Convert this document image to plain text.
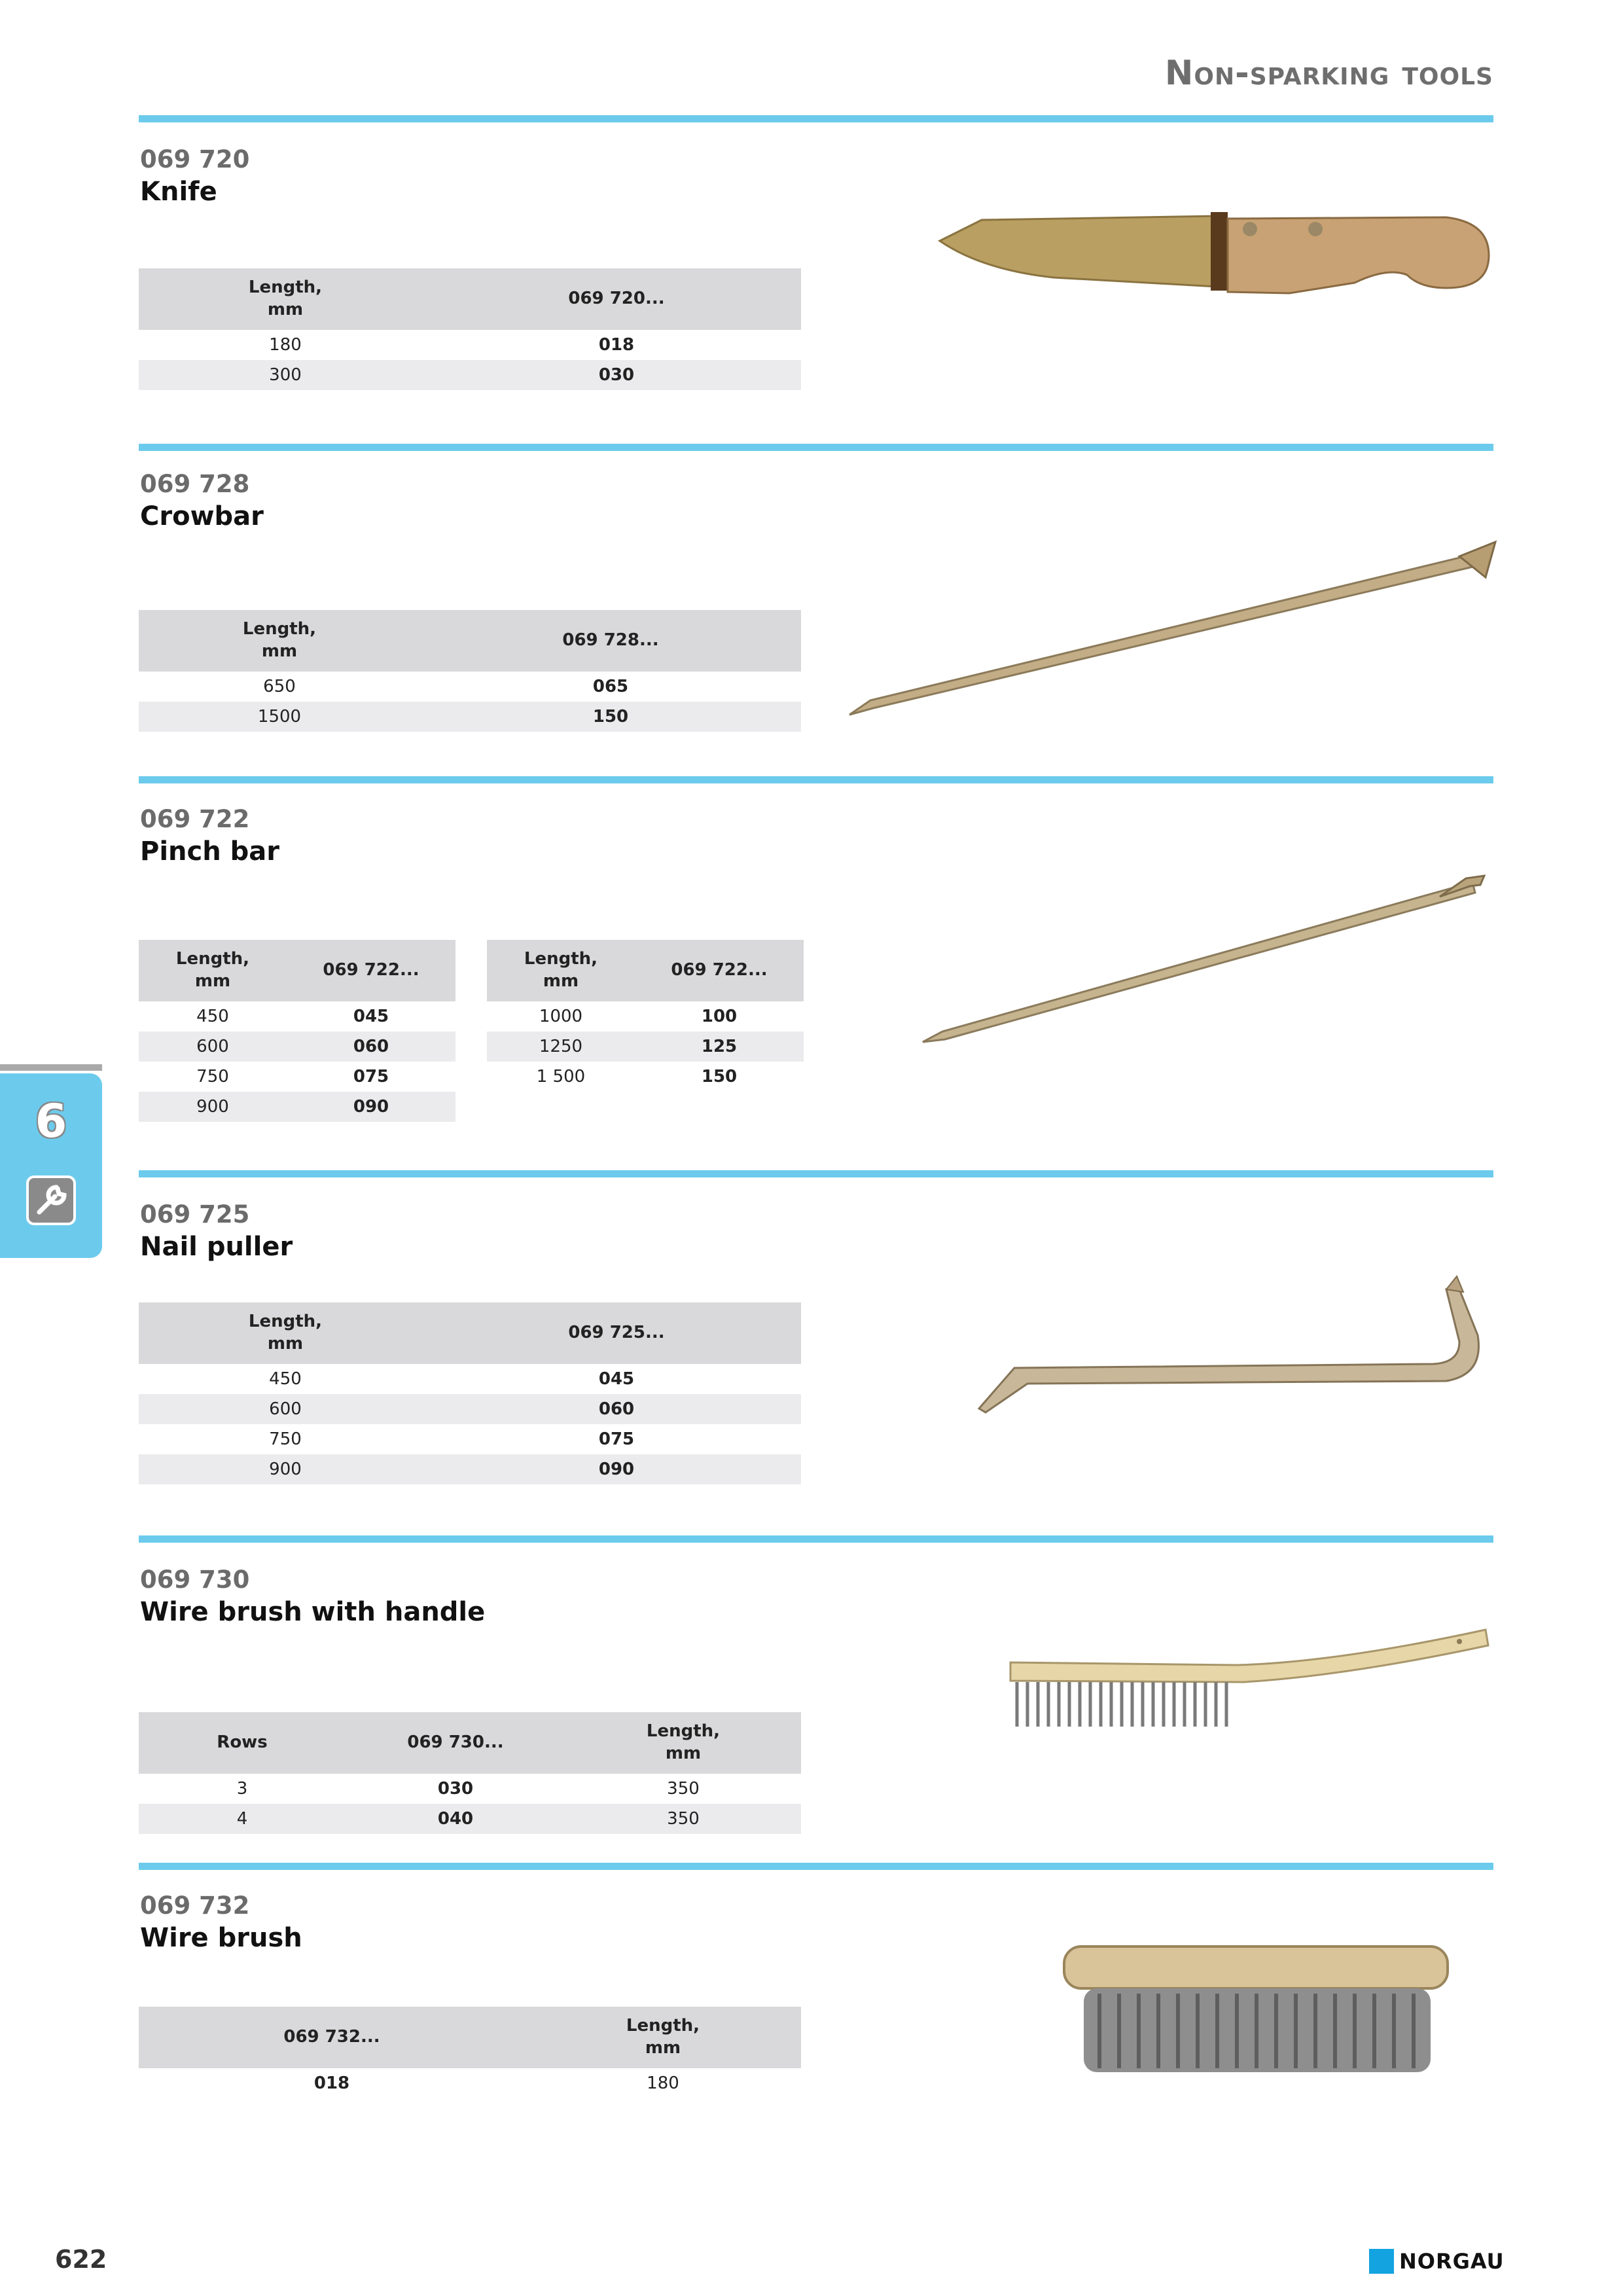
Non-sparking tools
6
069 720
Knife
Length,
mm	069 720...
180	018
300	030
069 728
Crowbar
Length,
mm	069 728...
650	065
1500	150
069 722
Pinch bar
Length,
mm	069 722...
450	045
600	060
750	075
900	090
Length,
mm	069 722...
1000	100
1250	125
1 500	150
069 725
Nail puller
Length,
mm	069 725...
450	045
600	060
750	075
900	090
069 730
Wire brush with handle
Rows	069 730...	Length,
mm
3	030	350
4	040	350
069 732
Wire brush
069 732...	Length,
mm
018	180
622	NORGAU
